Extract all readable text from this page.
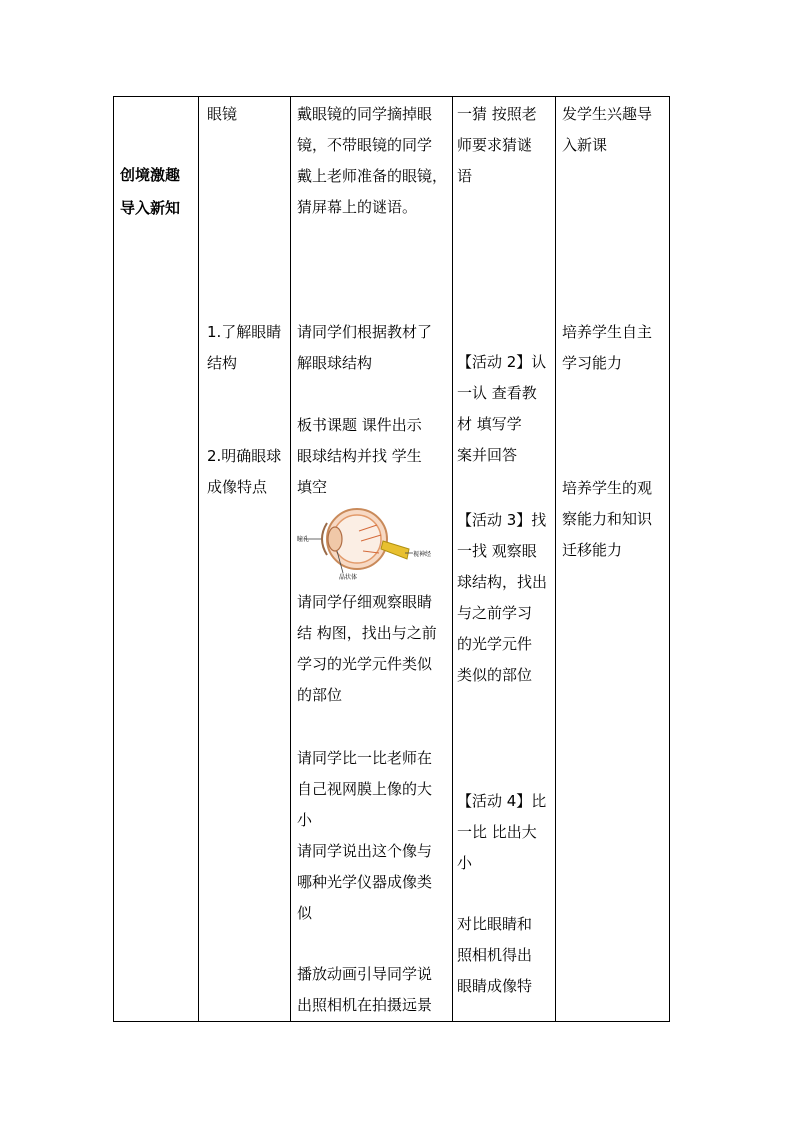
创境激趣
导入新知
眼镜
1.了解眼睛
结构
2.明确眼球
成像特点
戴眼镜的同学摘掉眼
镜，不带眼镜的同学
戴上老师准备的眼镜，
猜屏幕上的谜语。
请同学们根据教材了
解眼球结构
板书课题 课件出示
眼球结构并找 学生
填空
瞳孔
视神经
晶状体
请同学仔细观察眼睛
结 构图，找出与之前
学习的光学元件类似
的部位
请同学比一比老师在
自己视网膜上像的大
小
请同学说出这个像与
哪种光学仪器成像类
似
播放动画引导同学说
出照相机在拍摄远景
一猜 按照老
师要求猜谜
语
【活动 2】认
一认 查看教
材 填写学
案并回答
【活动 3】找
一找 观察眼
球结构，找出
与之前学习
的光学元件
类似的部位
【活动 4】比
一比 比出大
小
对比眼睛和
照相机得出
眼睛成像特
发学生兴趣导
入新课
培养学生自主
学习能力
培养学生的观
察能力和知识
迁移能力
